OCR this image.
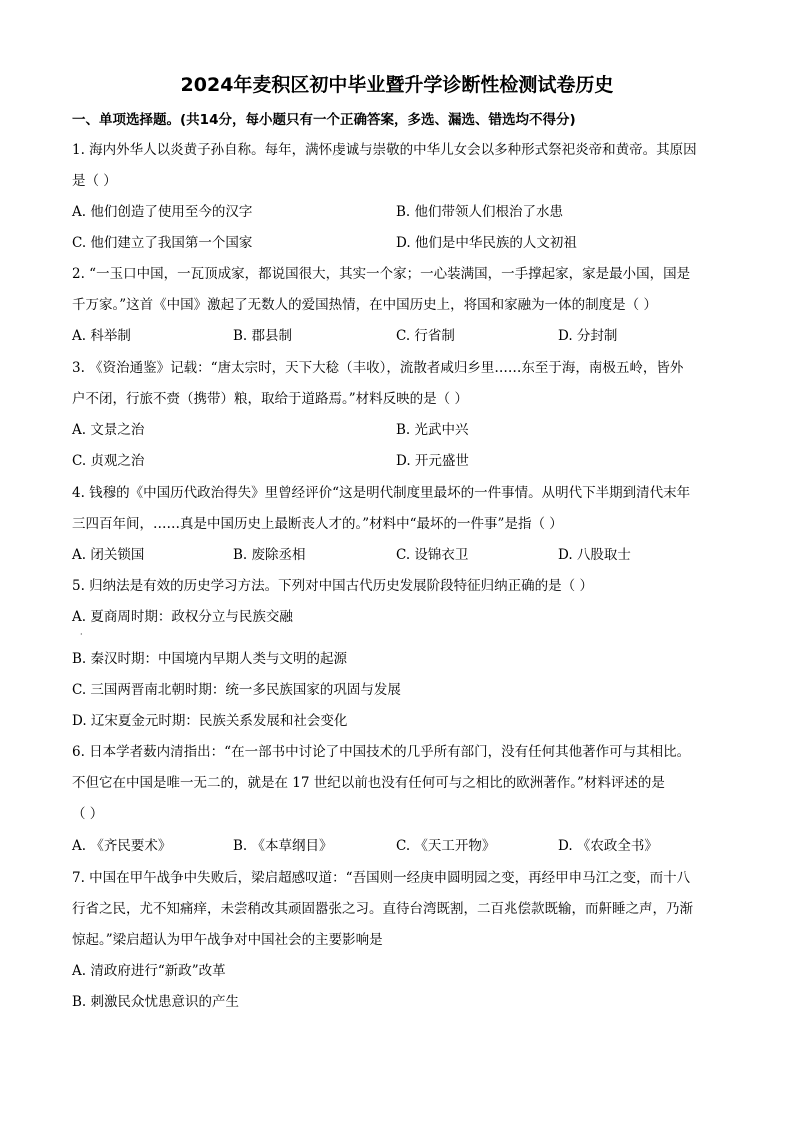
2024年麦积区初中毕业暨升学诊断性检测试卷历史
一、单项选择题。(共14分，每小题只有一个正确答案，多选、漏选、错选均不得分)
1. 海内外华人以炎黄子孙自称。每年，满怀虔诚与崇敬的中华儿女会以多种形式祭祀炎帝和黄帝。其原因
是（ ）
A. 他们创造了使用至今的汉字	B. 他们带领人们根治了水患
C. 他们建立了我国第一个国家	D. 他们是中华民族的人文初祖
2. “一玉口中国，一瓦顶成家，都说国很大，其实一个家；一心装满国，一手撑起家，家是最小国，国是
千万家。”这首《中国》激起了无数人的爱国热情，在中国历史上，将国和家融为一体的制度是（ ）
A. 科举制	B. 郡县制	C. 行省制	D. 分封制
3. 《资治通鉴》记载：“唐太宗时，天下大稔（丰收），流散者咸归乡里……东至于海，南极五岭，皆外
户不闭，行旅不赍（携带）粮，取给于道路焉。”材料反映的是（ ）
A. 文景之治	B. 光武中兴
C. 贞观之治	D. 开元盛世
4. 钱穆的《中国历代政治得失》里曾经评价“这是明代制度里最坏的一件事情。从明代下半期到清代末年
三四百年间，……真是中国历史上最断丧人才的。”材料中“最坏的一件事”是指（ ）
A. 闭关锁国	B. 废除丞相	C. 设锦衣卫	D. 八股取士
5. 归纳法是有效的历史学习方法。下列对中国古代历史发展阶段特征归纳正确的是（ ）
A. 夏商周时期：政权分立与民族交融
·
B. 秦汉时期：中国境内早期人类与文明的起源
C. 三国两晋南北朝时期：统一多民族国家的巩固与发展
D. 辽宋夏金元时期：民族关系发展和社会变化
6. 日本学者薮内清指出：“在一部书中讨论了中国技术的几乎所有部门，没有任何其他著作可与其相比。
不但它在中国是唯一无二的，就是在 17 世纪以前也没有任何可与之相比的欧洲著作。”材料评述的是
（ ）
A. 《齐民要术》	B. 《本草纲目》	C. 《天工开物》	D. 《农政全书》
7. 中国在甲午战争中失败后，梁启超感叹道：“吾国则一经庚申圆明园之变，再经甲申马江之变，而十八
行省之民，尤不知痛痒，未尝稍改其顽固嚣张之习。直待台湾既割，二百兆偿款既输，而鼾睡之声，乃渐
惊起。”梁启超认为甲午战争对中国社会的主要影响是
A. 清政府进行“新政”改革
B. 刺激民众忧患意识的产生
